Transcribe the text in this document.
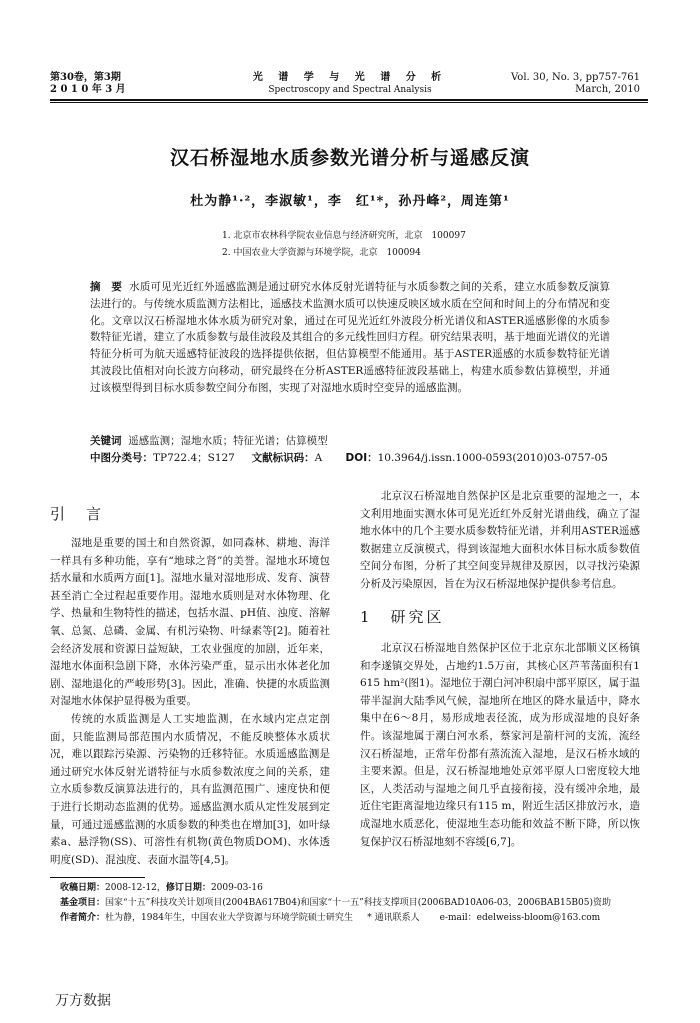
第30卷，第3期
2 0 1 0 年 3 月
光 谱 学 与 光 谱 分 析
Spectroscopy and Spectral Analysis
Vol. 30, No. 3, pp757-761
March, 2010
汉石桥湿地水质参数光谱分析与遥感反演
杜为静¹·²，李淑敏¹，李　红¹*，孙丹峰²，周连第¹
1. 北京市农林科学院农业信息与经济研究所，北京　100097
2. 中国农业大学资源与环境学院，北京　100094
摘　要 水质可见光近红外遥感监测是通过研究水体反射光谱特征与水质参数之间的关系，建立水质参数反演算法进行的。与传统水质监测方法相比，遥感技术监测水质可以快速反映区域水质在空间和时间上的分布情况和变化。文章以汉石桥湿地水体水质为研究对象，通过在可见光近红外波段分析光谱仪和ASTER遥感影像的水质参数特征光谱，建立了水质参数与最佳波段及其组合的多元线性回归方程。研究结果表明，基于地面光谱仪的光谱特征分析可为航天遥感特征波段的选择提供依据，但估算模型不能通用。基于ASTER遥感的水质参数特征光谱其波段比值相对向长波方向移动，研究最终在分析ASTER遥感特征波段基础上，构建水质参数估算模型，并通过该模型得到目标水质参数空间分布图，实现了对湿地水质时空变异的遥感监测。
关键词 遥感监测；湿地水质；特征光谱；估算模型
中图分类号：TP722.4；S127 文献标识码：A DOI：10.3964/j.issn.1000-0593(2010)03-0757-05
引　言

湿地是重要的国土和自然资源，如同森林、耕地、海洋一样具有多种功能，享有“地球之肾”的美誉。湿地水环境包括水量和水质两方面[1]。湿地水量对湿地形成、发育、演替甚至消亡全过程起重要作用。湿地水质则是对水体物理、化学、热量和生物特性的描述，包括水温、pH值、浊度、溶解氧、总氮、总磷、金属、有机污染物、叶绿素等[2]。随着社会经济发展和资源日益短缺，工农业强度的加剧，近年来，湿地水体面积急剧下降，水体污染严重，显示出水体老化加剧、湿地退化的严峻形势[3]。因此，准确、快捷的水质监测对湿地水体保护显得极为重要。

传统的水质监测是人工实地监测，在水域内定点定剖面，只能监测局部范围内水质情况，不能反映整体水质状况，难以跟踪污染源、污染物的迁移特征。水质遥感监测是通过研究水体反射光谱特征与水质参数浓度之间的关系，建立水质参数反演算法进行的，具有监测范围广、速度快和便于进行长期动态监测的优势。遥感监测水质从定性发展到定量，可通过遥感监测的水质参数的种类也在增加[3]，如叶绿素a、悬浮物(SS)、可溶性有机物(黄色物质DOM)、水体透明度(SD)、混浊度、表面水温等[4,5]。

北京汉石桥湿地自然保护区是北京重要的湿地之一，本文利用地面实测水体可见光近红外反射光谱曲线，确立了湿地水体中的几个主要水质参数特征光谱，并利用ASTER遥感数据建立反演模式，得到该湿地大面积水体目标水质参数值空间分布图，分析了其空间变异规律及原因，以寻找污染源分析及污染原因，旨在为汉石桥湿地保护提供参考信息。

1　研究区

北京汉石桥湿地自然保护区位于北京东北部顺义区杨镇和李遂镇交界处，占地约1.5万亩，其核心区芦苇荡面积有1 615 hm²(图1)。湿地位于潮白河冲积扇中部平原区，属于温带半湿润大陆季风气候，湿地所在地区的降水量适中，降水集中在6～8月，易形成地表径流，成为形成湿地的良好条件。该湿地属于潮白河水系，蔡家河是箭杆河的支流，流经汉石桥湿地，正常年份都有蒸流流入湿地，是汉石桥水域的主要来源。但是，汉石桥湿地地处京郊平原人口密度较大地区，人类活动与湿地之间几乎直接衔接，没有缓冲余地，最近住宅距离湿地边缘只有115 m，附近生活区排放污水，造成湿地水质恶化，使湿地生态功能和效益不断下降，所以恢复保护汉石桥湿地刻不容缓[6,7]。

收稿日期：2008-12-12，修订日期：2009-03-16
基金项目：国家“十五”科技攻关计划项目(2004BA617B04)和国家“十一五”科技支撑项目(2006BAD10A06-03，2006BAB15B05)资助
作者简介：杜为静，1984年生，中国农业大学资源与环境学院硕士研究生 * 通讯联系人 e-mail：edelweiss-bloom@163.com
万方数据
